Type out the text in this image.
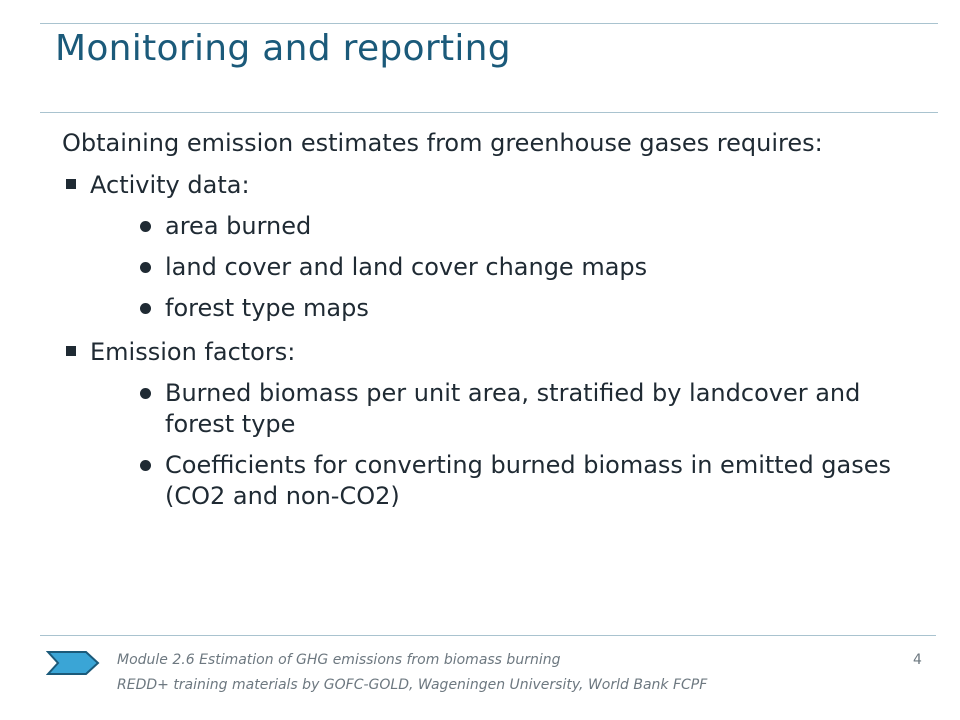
Monitoring and reporting

Obtaining emission estimates from greenhouse gases requires:

Activity data:
area burned
land cover and land cover change maps
forest type maps
Emission factors:
Burned biomass per unit area, stratified by landcover and forest type
Coefficients for converting burned biomass in emitted gases (CO2 and non-CO2)
Module 2.6 Estimation of GHG emissions from biomass burning
REDD+ training materials by GOFC-GOLD, Wageningen University, World Bank FCPF
4
